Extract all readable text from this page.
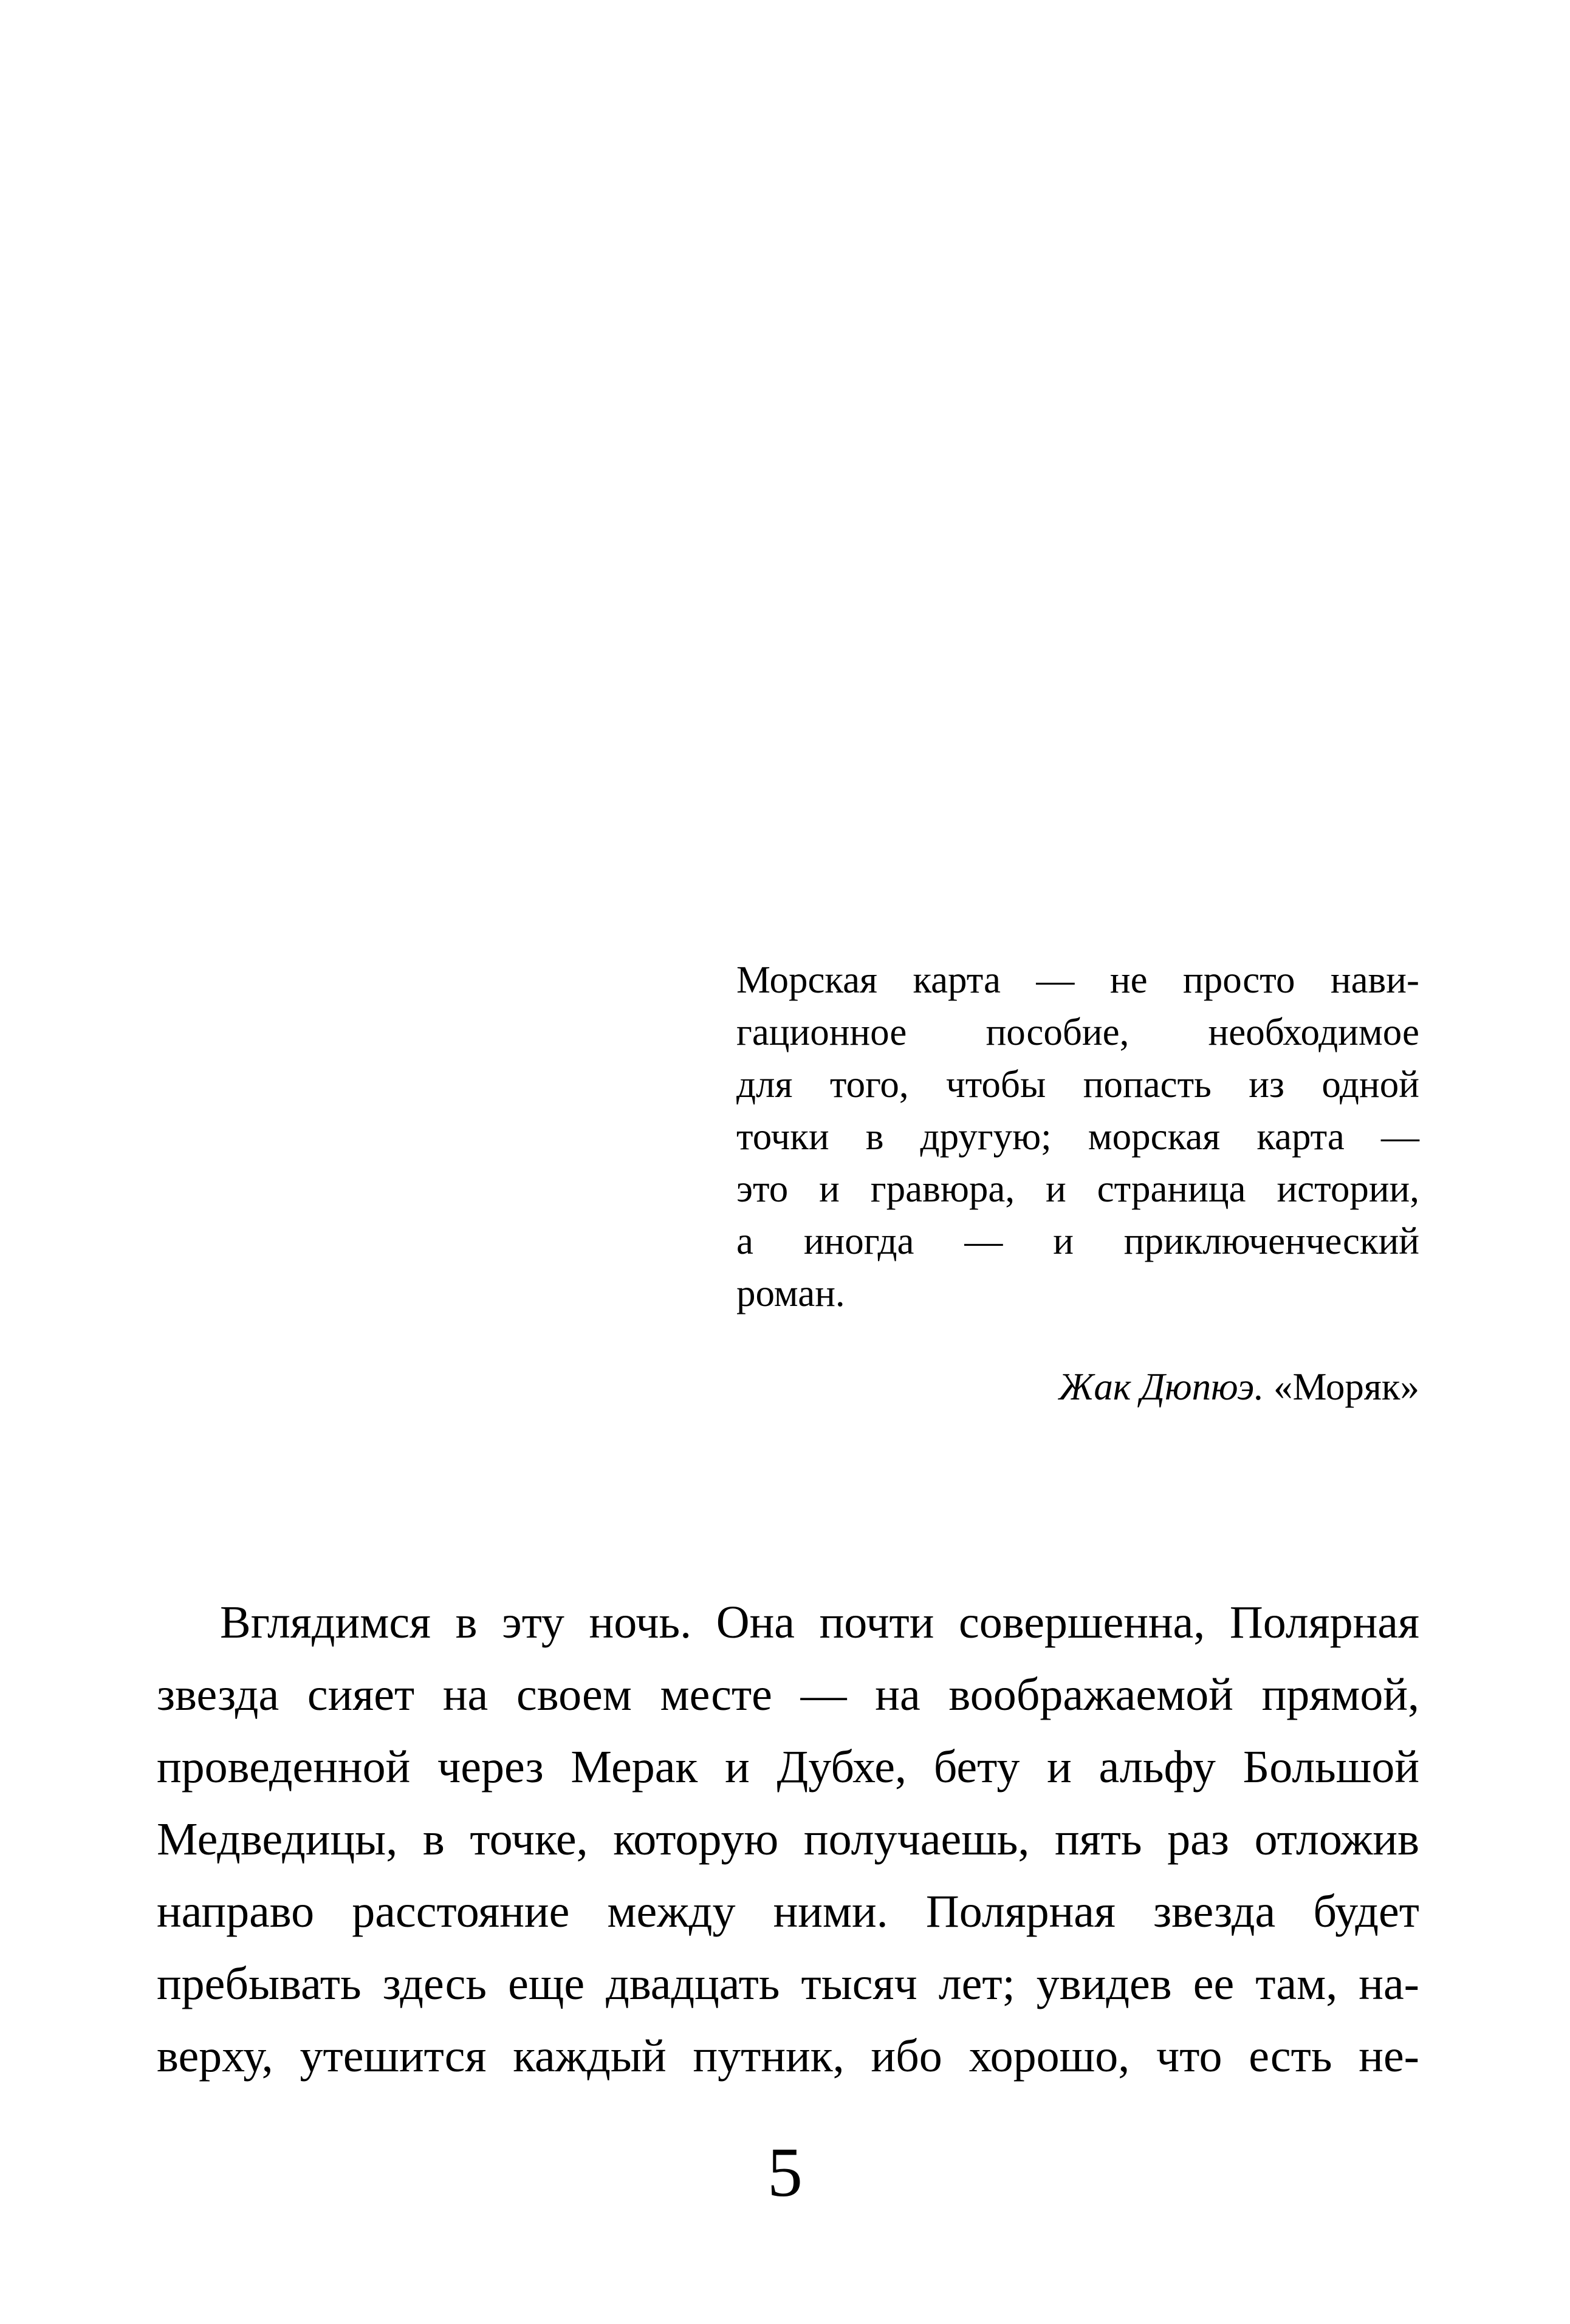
Морская карта — не просто нави-
гационное пособие, необходимое
для того, чтобы попасть из одной
точки в другую; морская карта —
это и гравюра, и страница истории,
а иногда — и приключенческий
роман.
Жак Дюпюэ. «Моряк»
Вглядимся в эту ночь. Она почти совершенна, Полярная
звезда сияет на своем месте — на воображаемой прямой,
проведенной через Мерак и Дубхе, бету и альфу Большой
Медведицы, в точке, которую получаешь, пять раз отложив
направо расстояние между ними. Полярная звезда будет
пребывать здесь еще двадцать тысяч лет; увидев ее там, на-
верху, утешится каждый путник, ибо хорошо, что есть не-
5
